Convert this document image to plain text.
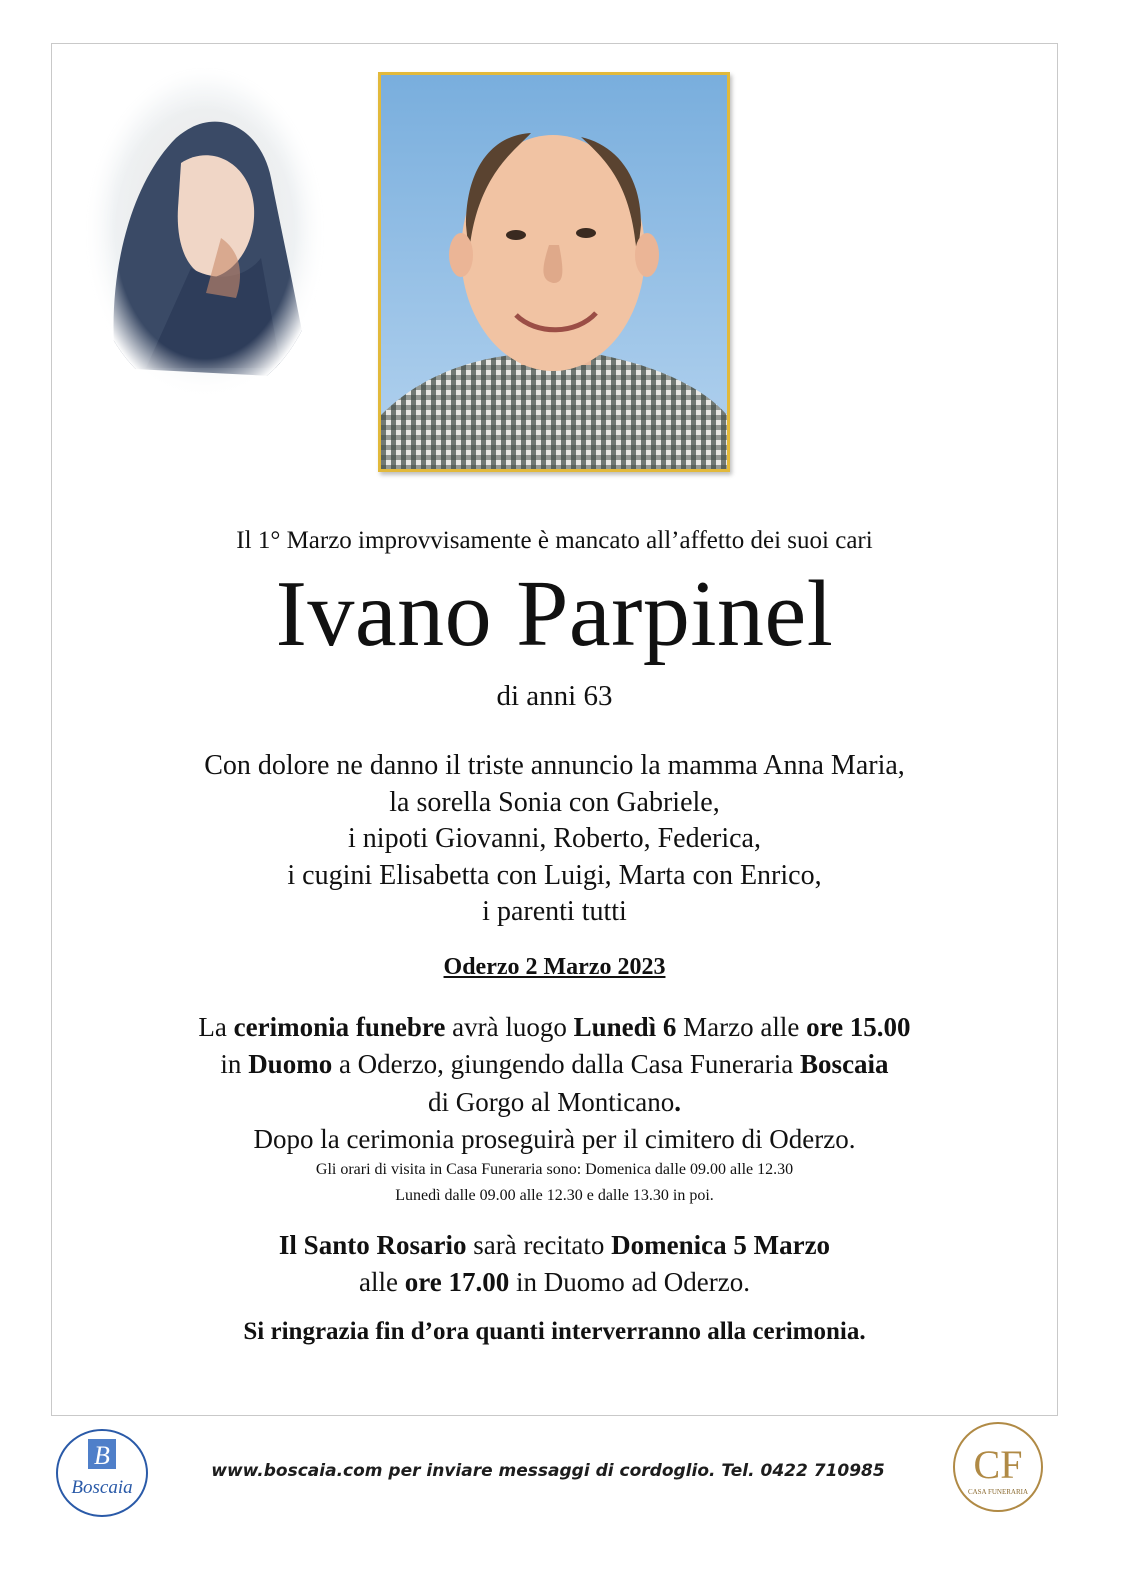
Il 1° Marzo improvvisamente è mancato all’affetto dei suoi cari
Ivano Parpinel
di anni 63
Con dolore ne danno il triste annuncio la mamma Anna Maria,
la sorella Sonia con Gabriele,
i nipoti Giovanni, Roberto, Federica,
i cugini Elisabetta con Luigi, Marta con Enrico,
i parenti tutti
Oderzo 2 Marzo 2023
La cerimonia funebre avrà luogo Lunedì 6 Marzo alle ore 15.00
in Duomo a Oderzo, giungendo dalla Casa Funeraria Boscaia
di Gorgo al Monticano.
Dopo la cerimonia proseguirà per il cimitero di Oderzo.
Gli orari di visita in Casa Funeraria sono: Domenica dalle 09.00 alle 12.30
Lunedì dalle 09.00 alle 12.30 e dalle 13.30 in poi.
Il Santo Rosario sarà recitato Domenica 5 Marzo
alle ore 17.00 in Duomo ad Oderzo.
Si ringrazia fin d’ora quanti interverranno alla cerimonia.
B
Boscaia
www.boscaia.com per inviare messaggi di cordoglio. Tel. 0422 710985	CF
CASA FUNERARIA
